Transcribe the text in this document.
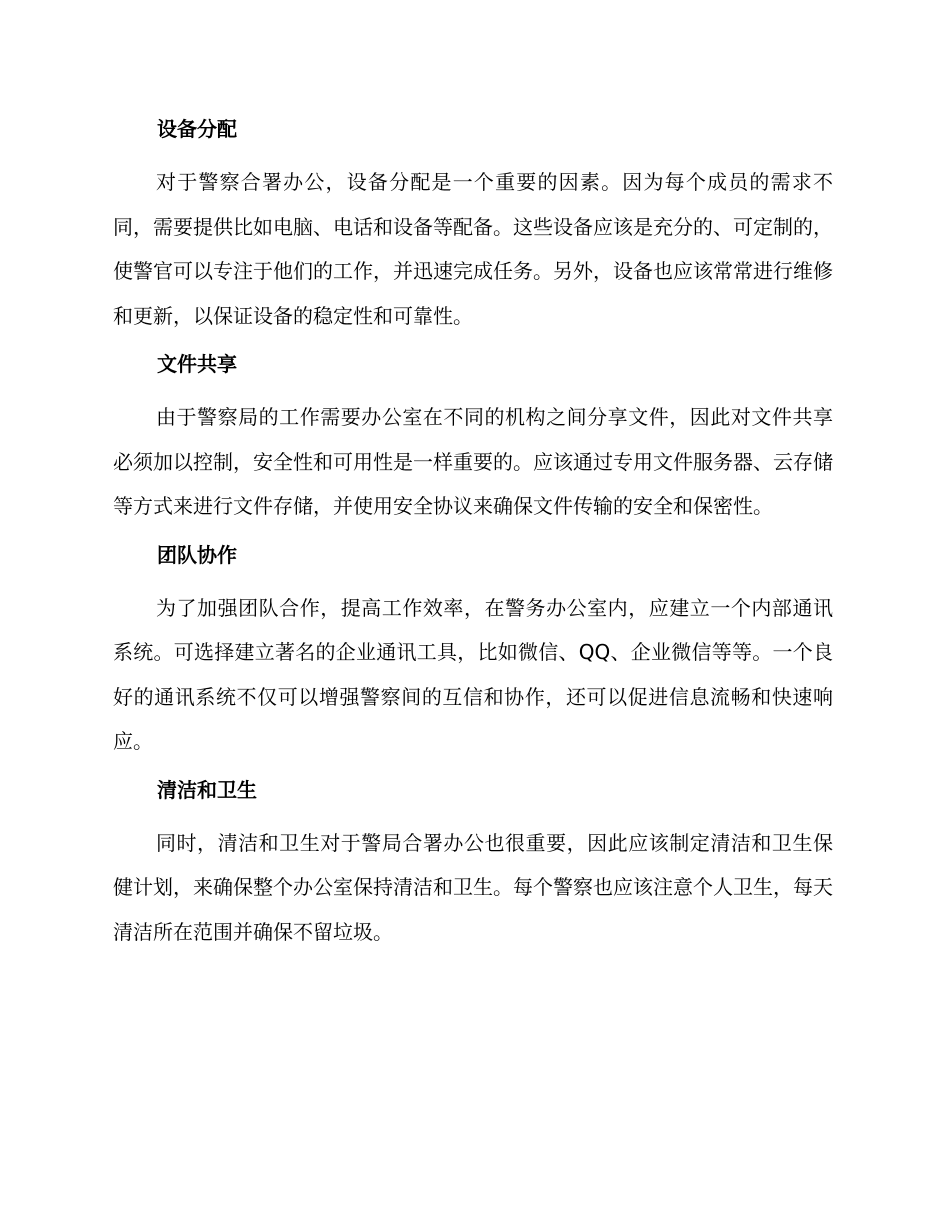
设备分配

对于警察合署办公，设备分配是一个重要的因素。因为每个成员的需求不同，需要提供比如电脑、电话和设备等配备。这些设备应该是充分的、可定制的，使警官可以专注于他们的工作，并迅速完成任务。另外，设备也应该常常进行维修和更新，以保证设备的稳定性和可靠性。

文件共享

由于警察局的工作需要办公室在不同的机构之间分享文件，因此对文件共享必须加以控制，安全性和可用性是一样重要的。应该通过专用文件服务器、云存储等方式来进行文件存储，并使用安全协议来确保文件传输的安全和保密性。

团队协作

为了加强团队合作，提高工作效率，在警务办公室内，应建立一个内部通讯系统。可选择建立著名的企业通讯工具，比如微信、QQ、企业微信等等。一个良好的通讯系统不仅可以增强警察间的互信和协作，还可以促进信息流畅和快速响应。

清洁和卫生

同时，清洁和卫生对于警局合署办公也很重要，因此应该制定清洁和卫生保健计划，来确保整个办公室保持清洁和卫生。每个警察也应该注意个人卫生，每天清洁所在范围并确保不留垃圾。
